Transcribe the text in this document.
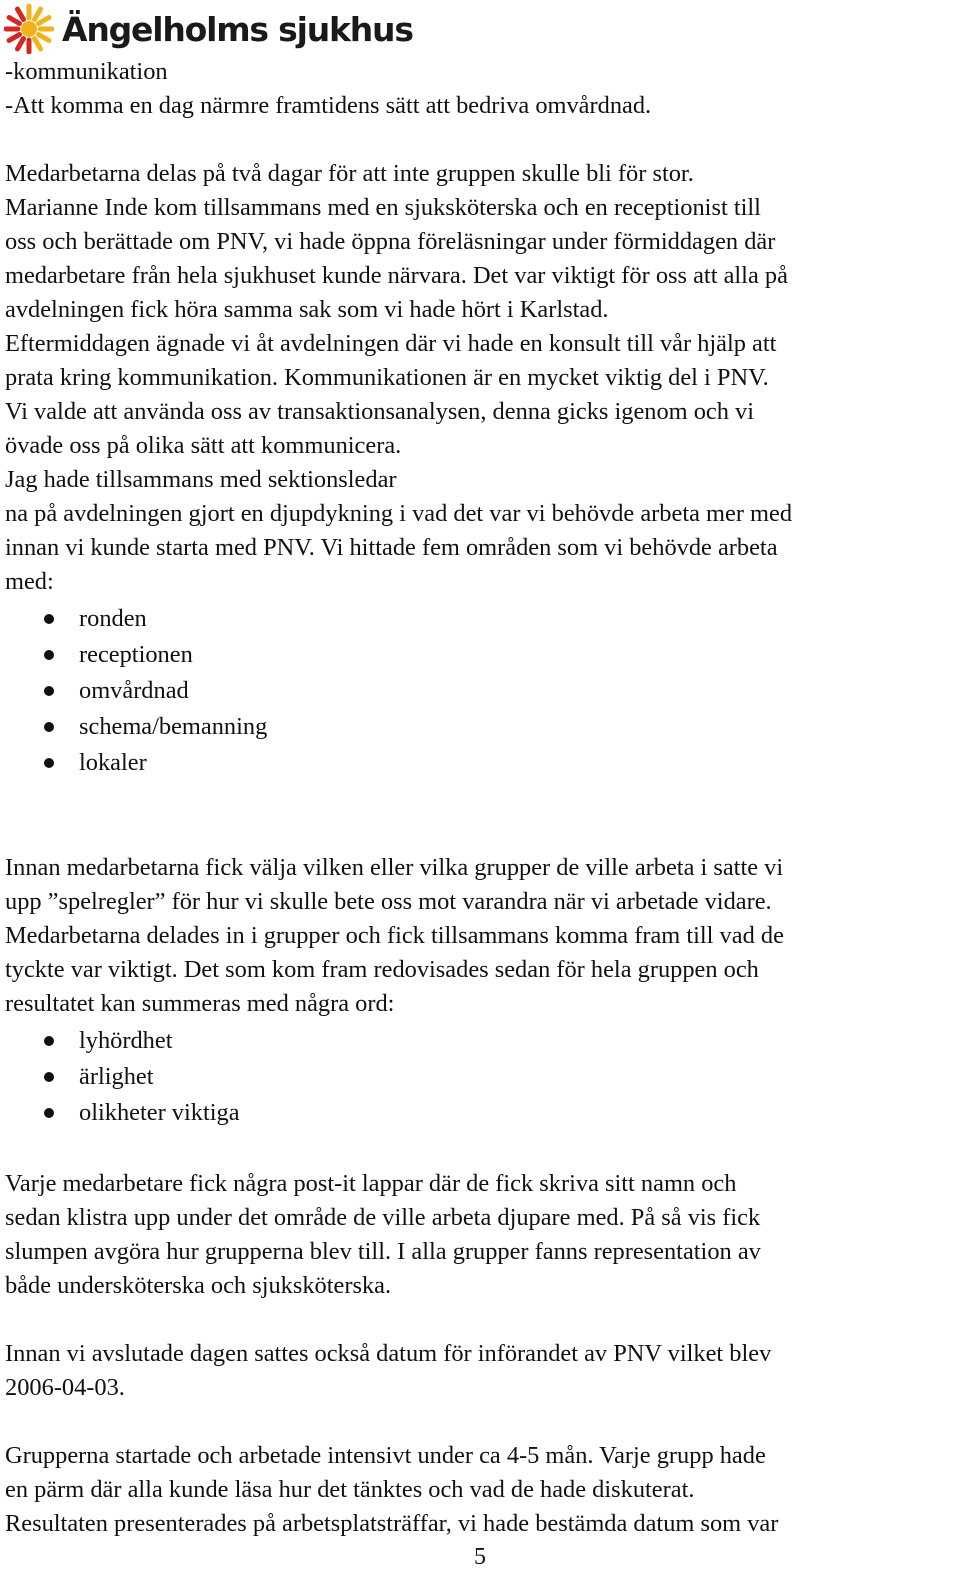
Ängelholms sjukhus
-kommunikation
-Att komma en dag närmre framtidens sätt att bedriva omvårdnad.
Medarbetarna delas på två dagar för att inte gruppen skulle bli för stor.
Marianne Inde kom tillsammans med en sjuksköterska och en receptionist till
oss och berättade om PNV, vi hade öppna föreläsningar under förmiddagen där
medarbetare från hela sjukhuset kunde närvara. Det var viktigt för oss att alla på
avdelningen fick höra samma sak som vi hade hört i Karlstad.
Eftermiddagen ägnade vi åt avdelningen där vi hade en konsult till vår hjälp att
prata kring kommunikation. Kommunikationen är en mycket viktig del i PNV.
Vi valde att använda oss av transaktionsanalysen, denna gicks igenom och vi
övade oss på olika sätt att kommunicera.
Jag hade tillsammans med sektionsledar
na på avdelningen gjort en djupdykning i vad det var vi behövde arbeta mer med
innan vi kunde starta med PNV. Vi hittade fem områden som vi behövde arbeta
med:
ronden
receptionen
omvårdnad
schema/bemanning
lokaler
Innan medarbetarna fick välja vilken eller vilka grupper de ville arbeta i satte vi
upp ”spelregler” för hur vi skulle bete oss mot varandra när vi arbetade vidare.
Medarbetarna delades in i grupper och fick tillsammans komma fram till vad de
tyckte var viktigt. Det som kom fram redovisades sedan för hela gruppen och
resultatet kan summeras med några ord:
lyhördhet
ärlighet
olikheter viktiga
Varje medarbetare fick några post-it lappar där de fick skriva sitt namn och
sedan klistra upp under det område de ville arbeta djupare med. På så vis fick
slumpen avgöra hur grupperna blev till. I alla grupper fanns representation av
både undersköterska och sjuksköterska.
Innan vi avslutade dagen sattes också datum för införandet av PNV vilket blev
2006-04-03.
Grupperna startade och arbetade intensivt under ca 4-5 mån. Varje grupp hade
en pärm där alla kunde läsa hur det tänktes och vad de hade diskuterat.
Resultaten presenterades på arbetsplatsträffar, vi hade bestämda datum som var
5
